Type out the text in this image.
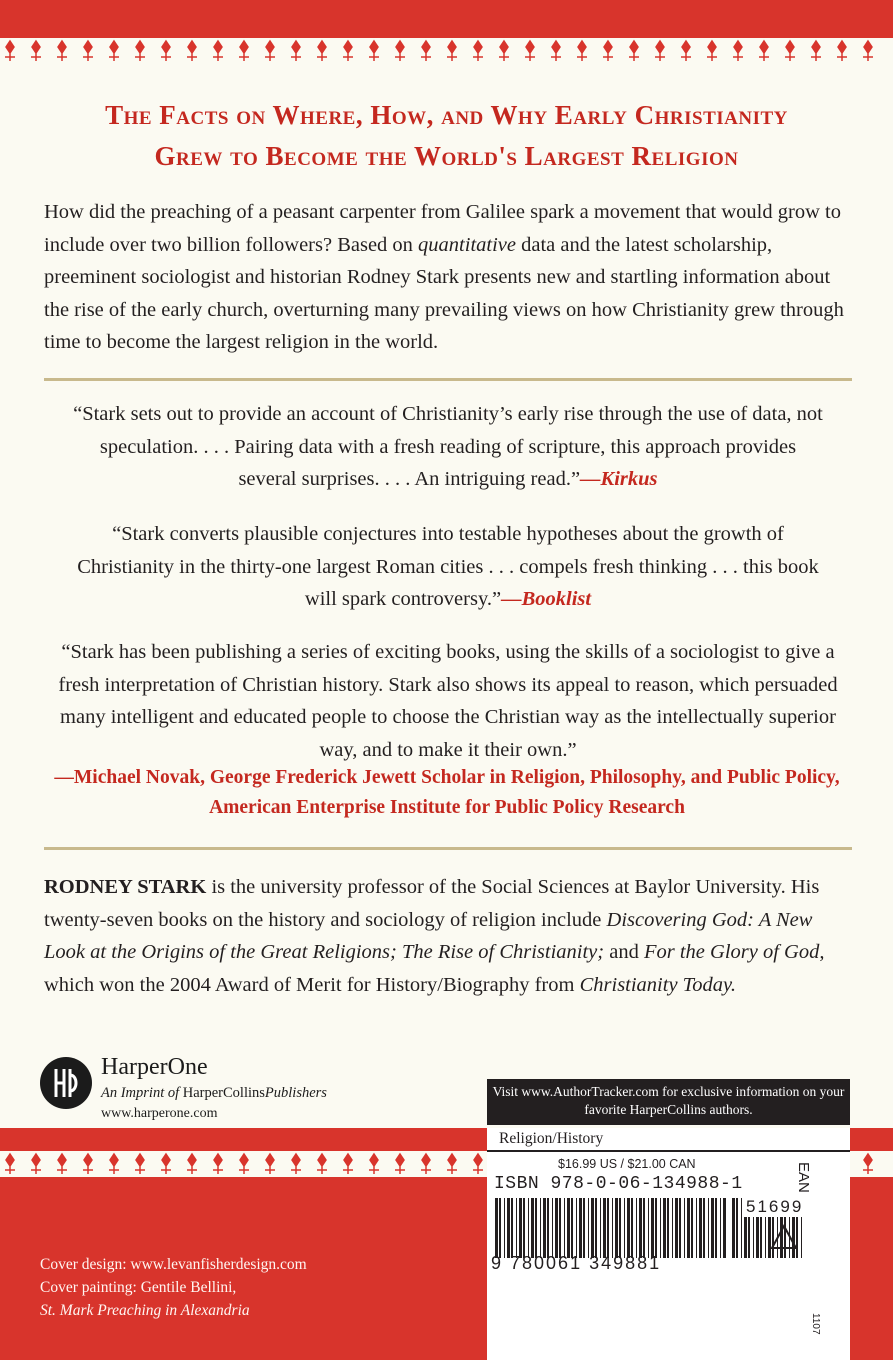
The Facts on Where, How, and Why Early Christianity
Grew to Become the World's Largest Religion
How did the preaching of a peasant carpenter from Galilee spark a movement that would grow to include over two billion followers? Based on quantitative data and the latest scholarship, preeminent sociologist and historian Rodney Stark presents new and startling information about the rise of the early church, overturning many prevailing views on how Christianity grew through time to become the largest religion in the world.
“Stark sets out to provide an account of Christianity’s early rise through the use of data, not speculation. . . . Pairing data with a fresh reading of scripture, this approach provides several surprises. . . . An intriguing read.”—Kirkus
“Stark converts plausible conjectures into testable hypotheses about the growth of Christianity in the thirty-one largest Roman cities . . . compels fresh thinking . . . this book will spark controversy.”—Booklist
“Stark has been publishing a series of exciting books, using the skills of a sociologist to give a fresh interpretation of Christian history. Stark also shows its appeal to reason, which persuaded many intelligent and educated people to choose the Christian way as the intellectually superior way, and to make it their own.”
—Michael Novak, George Frederick Jewett Scholar in Religion, Philosophy, and Public Policy, American Enterprise Institute for Public Policy Research
RODNEY STARK is the university professor of the Social Sciences at Baylor University. His twenty-seven books on the history and sociology of religion include Discovering God: A New Look at the Origins of the Great Religions; The Rise of Christianity; and For the Glory of God, which won the 2004 Award of Merit for History/Biography from Christianity Today.
HarperOne
An Imprint of HarperCollinsPublishers
www.harperone.com
Visit www.AuthorTracker.com for exclusive information on your favorite HarperCollins authors.
Cover design: www.levanfisherdesign.com
Cover painting: Gentile Bellini,
St. Mark Preaching in Alexandria
Religion/History
$16.99 US / $21.00 CAN
ISBN 978-0-06-134988-1	EAN
51699
9 780061 349881
1107
